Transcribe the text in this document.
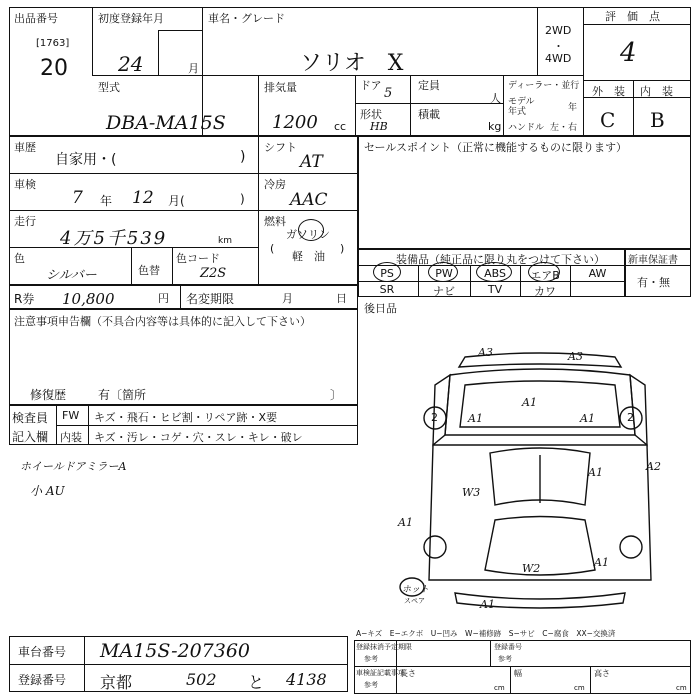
出品番号
[1763]
20
初度登録年月
24	月
車名・グレード
ソリオ　X
2WD
・
4WD
評　価　点
4
型式
DBA-MA15S
排気量
1200 cc
ドア
5
定員
人
形状
HB
積載
kg
ディーラー・並行
モデル
年式	年
ハンドル 左・右
外　装 内　装
C B
車歴
自家用・(	)
シフト
AT
車検
7 年 12 月(	)
冷房
AAC
走行
4万5千539	km
燃料
(
ガソリン
軽　油
)
色
シルバー	色替
色コード
Z2S
セールスポイント（正常に機能するものに限ります）
装備品（純正品に限り丸をつけて下さい）
PS	PW	ABS	エアB	AW
SR	ナビ	TV	カワ
新車保証書
有・無
後日品
R券 10,800	円 名変期限	月	日
注意事項申告欄（不具合内容等は具体的に記入して下さい）
修復歴	有〔箇所	〕
検査員
記入欄
FW キズ・飛石・ヒビ割・リペア跡・X要
内装 キズ・汚レ・コゲ・穴・スレ・キレ・破レ
ホイールドアミラーA
小 AU
A3	A3
A1
A1	A1
A1	A2
A1
W3
W2	A1
A1
2	2
ホット
スペア
A−キズ　E−エクボ　U−凹み　W−補修跡　S−サビ　C−腐食　XX−交換済
車台番号 MA15S-207360
登録番号 京都	502 と 4138
登録抹消予定期限
参考
登録番号
参考
車検証記載事項
参考
長さ	幅	高さ
cm	cm	cm
